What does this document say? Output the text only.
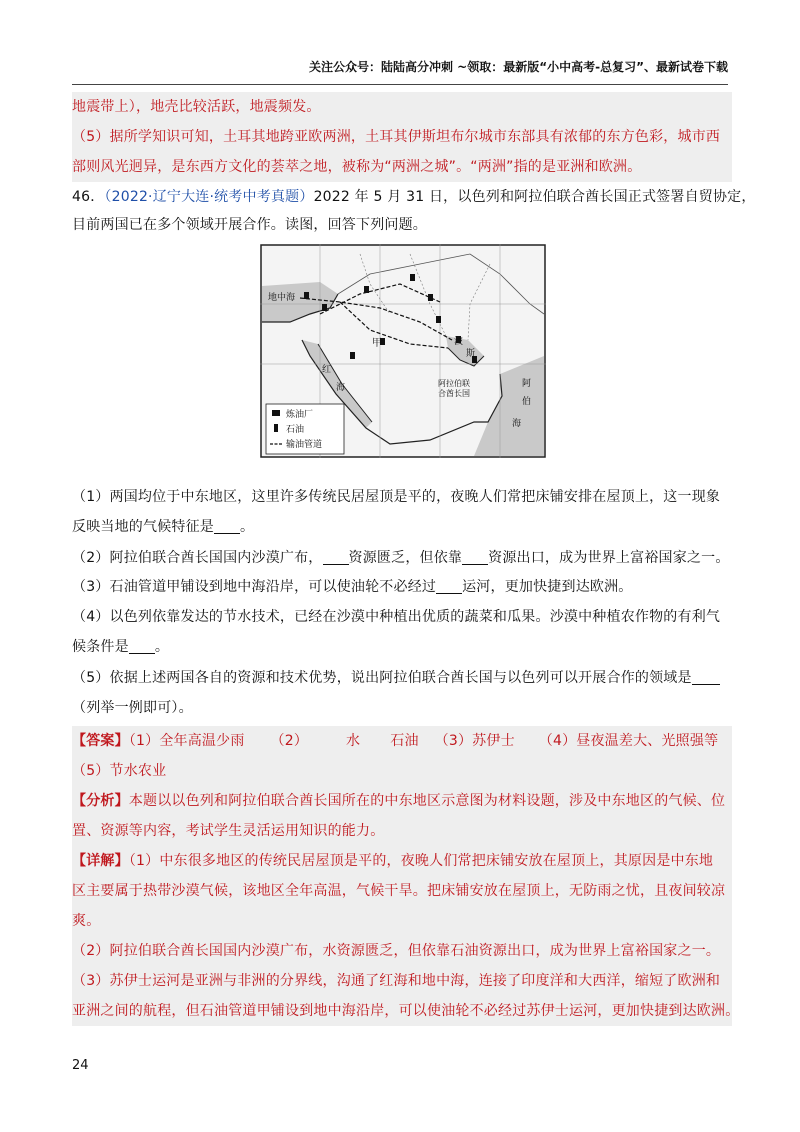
关注公众号：陆陆高分冲刺 ~领取：最新版“小中高考-总复习”、最新试卷下载
地震带上），地壳比较活跃，地震频发。
（5）据所学知识可知，土耳其地跨亚欧两洲，土耳其伊斯坦布尔城市东部具有浓郁的东方色彩，城市西
部则风光迥异，是东西方文化的荟萃之地，被称为“两洲之城”。“两洲”指的是亚洲和欧洲。
46．（2022·辽宁大连·统考中考真题）2022 年 5 月 31 日，以色列和阿拉伯联合酋长国正式签署自贸协定，
目前两国已在多个领域开展合作。读图，回答下列问题。
地中海
甲
红
海
波
斯
阿拉伯联
合酋长国
阿
伯
海
炼油厂
石油
输油管道
（1）两国均位于中东地区，这里许多传统民居屋顶是平的，夜晚人们常把床铺安排在屋顶上，这一现象
反映当地的气候特征是 。
（2）阿拉伯联合酋长国国内沙漠广布， 资源匮乏，但依靠 资源出口，成为世界上富裕国家之一。
（3）石油管道甲铺设到地中海沿岸，可以使油轮不必经过 运河，更加快捷到达欧洲。
（4）以色列依靠发达的节水技术，已经在沙漠中种植出优质的蔬菜和瓜果。沙漠中种植农作物的有利气
候条件是 。
（5）依据上述两国各自的资源和技术优势，说出阿拉伯联合酋长国与以色列可以开展合作的领域是
（列举一例即可）。
【答案】（1）全年高温少雨 （2）	水 石油 （3）苏伊士 （4）昼夜温差大、光照强等
（5）节水农业
【分析】本题以以色列和阿拉伯联合酋长国所在的中东地区示意图为材料设题，涉及中东地区的气候、位
置、资源等内容，考试学生灵活运用知识的能力。
【详解】（1）中东很多地区的传统民居屋顶是平的，夜晚人们常把床铺安放在屋顶上，其原因是中东地
区主要属于热带沙漠气候，该地区全年高温，气候干旱。把床铺安放在屋顶上，无防雨之忧，且夜间较凉
爽。
（2）阿拉伯联合酋长国国内沙漠广布，水资源匮乏，但依靠石油资源出口，成为世界上富裕国家之一。
（3）苏伊士运河是亚洲与非洲的分界线，沟通了红海和地中海，连接了印度洋和大西洋，缩短了欧洲和
亚洲之间的航程，但石油管道甲铺设到地中海沿岸，可以使油轮不必经过苏伊士运河，更加快捷到达欧洲。
24
